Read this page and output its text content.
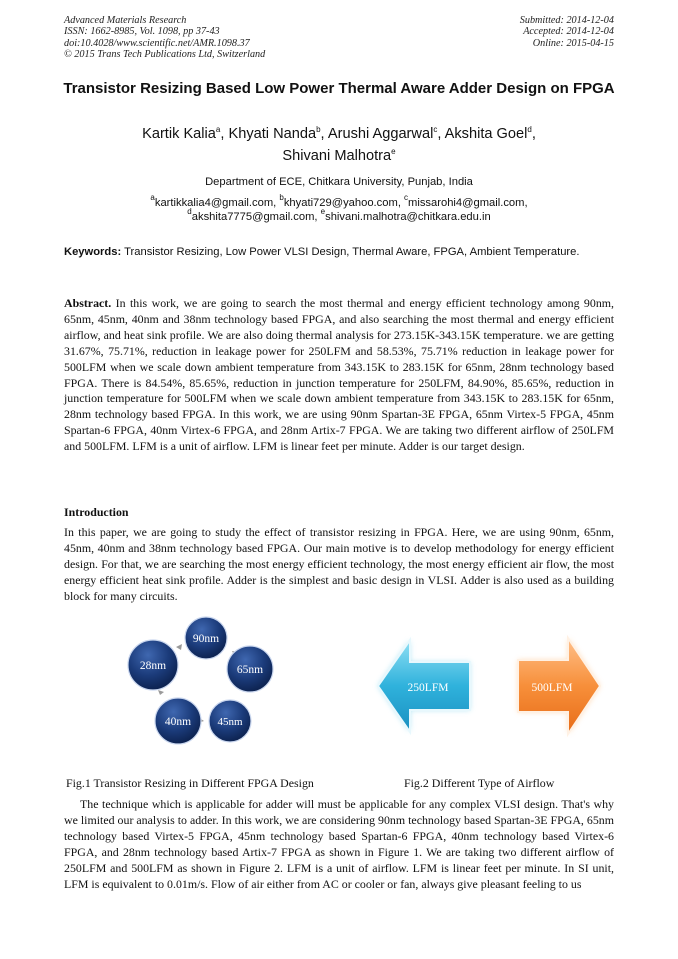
Advanced Materials Research
ISSN: 1662-8985, Vol. 1098, pp 37-43
doi:10.4028/www.scientific.net/AMR.1098.37
© 2015 Trans Tech Publications Ltd, Switzerland
Submitted: 2014-12-04
Accepted: 2014-12-04
Online: 2015-04-15
Transistor Resizing Based Low Power Thermal Aware Adder Design on FPGA
Kartik Kalia$^a$, Khyati Nanda$^b$, Arushi Aggarwal$^c$, Akshita Goel$^d$,
Shivani Malhotra$^e$
Department of ECE, Chitkara University, Punjab, India
$^a$kartikkalia4@gmail.com, $^b$khyati729@yahoo.com, $^c$missarohi4@gmail.com,
$^d$akshita7775@gmail.com, $^e$shivani.malhotra@chitkara.edu.in
Keywords: Transistor Resizing, Low Power VLSI Design, Thermal Aware, FPGA, Ambient Temperature.
Abstract. In this work, we are going to search the most thermal and energy efficient technology among 90nm, 65nm, 45nm, 40nm and 38nm technology based FPGA, and also searching the most thermal and energy efficient airflow, and heat sink profile. We are also doing thermal analysis for 273.15K-343.15K temperature. we are getting 31.67%, 75.71%, reduction in leakage power for 250LFM and 58.53%, 75.71% reduction in leakage power for 500LFM when we scale down ambient temperature from 343.15K to 283.15K for 65nm, 28nm technology based FPGA. There is 84.54%, 85.65%, reduction in junction temperature for 250LFM, 84.90%, 85.65%, reduction in junction temperature for 500LFM when we scale down ambient temperature from 343.15K to 283.15K for 65nm, 28nm technology based FPGA. In this work, we are using 90nm Spartan-3E FPGA, 65nm Virtex-5 FPGA, 45nm Spartan-6 FPGA, 40nm Virtex-6 FPGA, and 28nm Artix-7 FPGA. We are taking two different airflow of 250LFM and 500LFM. LFM is a unit of airflow. LFM is linear feet per minute. Adder is our target design.
Introduction
In this paper, we are going to study the effect of transistor resizing in FPGA. Here, we are using 90nm, 65nm, 45nm, 40nm and 38nm technology based FPGA. Our main motive is to develop methodology for energy efficient design. For that, we are searching the most energy efficient technology, the most energy efficient air flow, the most energy efficient heat sink profile. Adder is the simplest and basic design in VLSI. Adder is also used as a building block for many circuits.
90nm
65nm
45nm
40nm
28nm
250LFM	500LFM
Fig.1 Transistor Resizing in Different FPGA Design	Fig.2 Different Type of Airflow
The technique which is applicable for adder will must be applicable for any complex VLSI design. That's why we limited our analysis to adder. In this work, we are considering 90nm technology based Spartan-3E FPGA, 65nm technology based Virtex-5 FPGA, 45nm technology based Spartan-6 FPGA, 40nm technology based Virtex-6 FPGA, and 28nm technology based Artix-7 FPGA as shown in Figure 1. We are taking two different airflow of 250LFM and 500LFM as shown in Figure 2. LFM is a unit of airflow. LFM is linear feet per minute. In SI unit, LFM is equivalent to 0.01m/s. Flow of air either from AC or cooler or fan, always give pleasant feeling to us
